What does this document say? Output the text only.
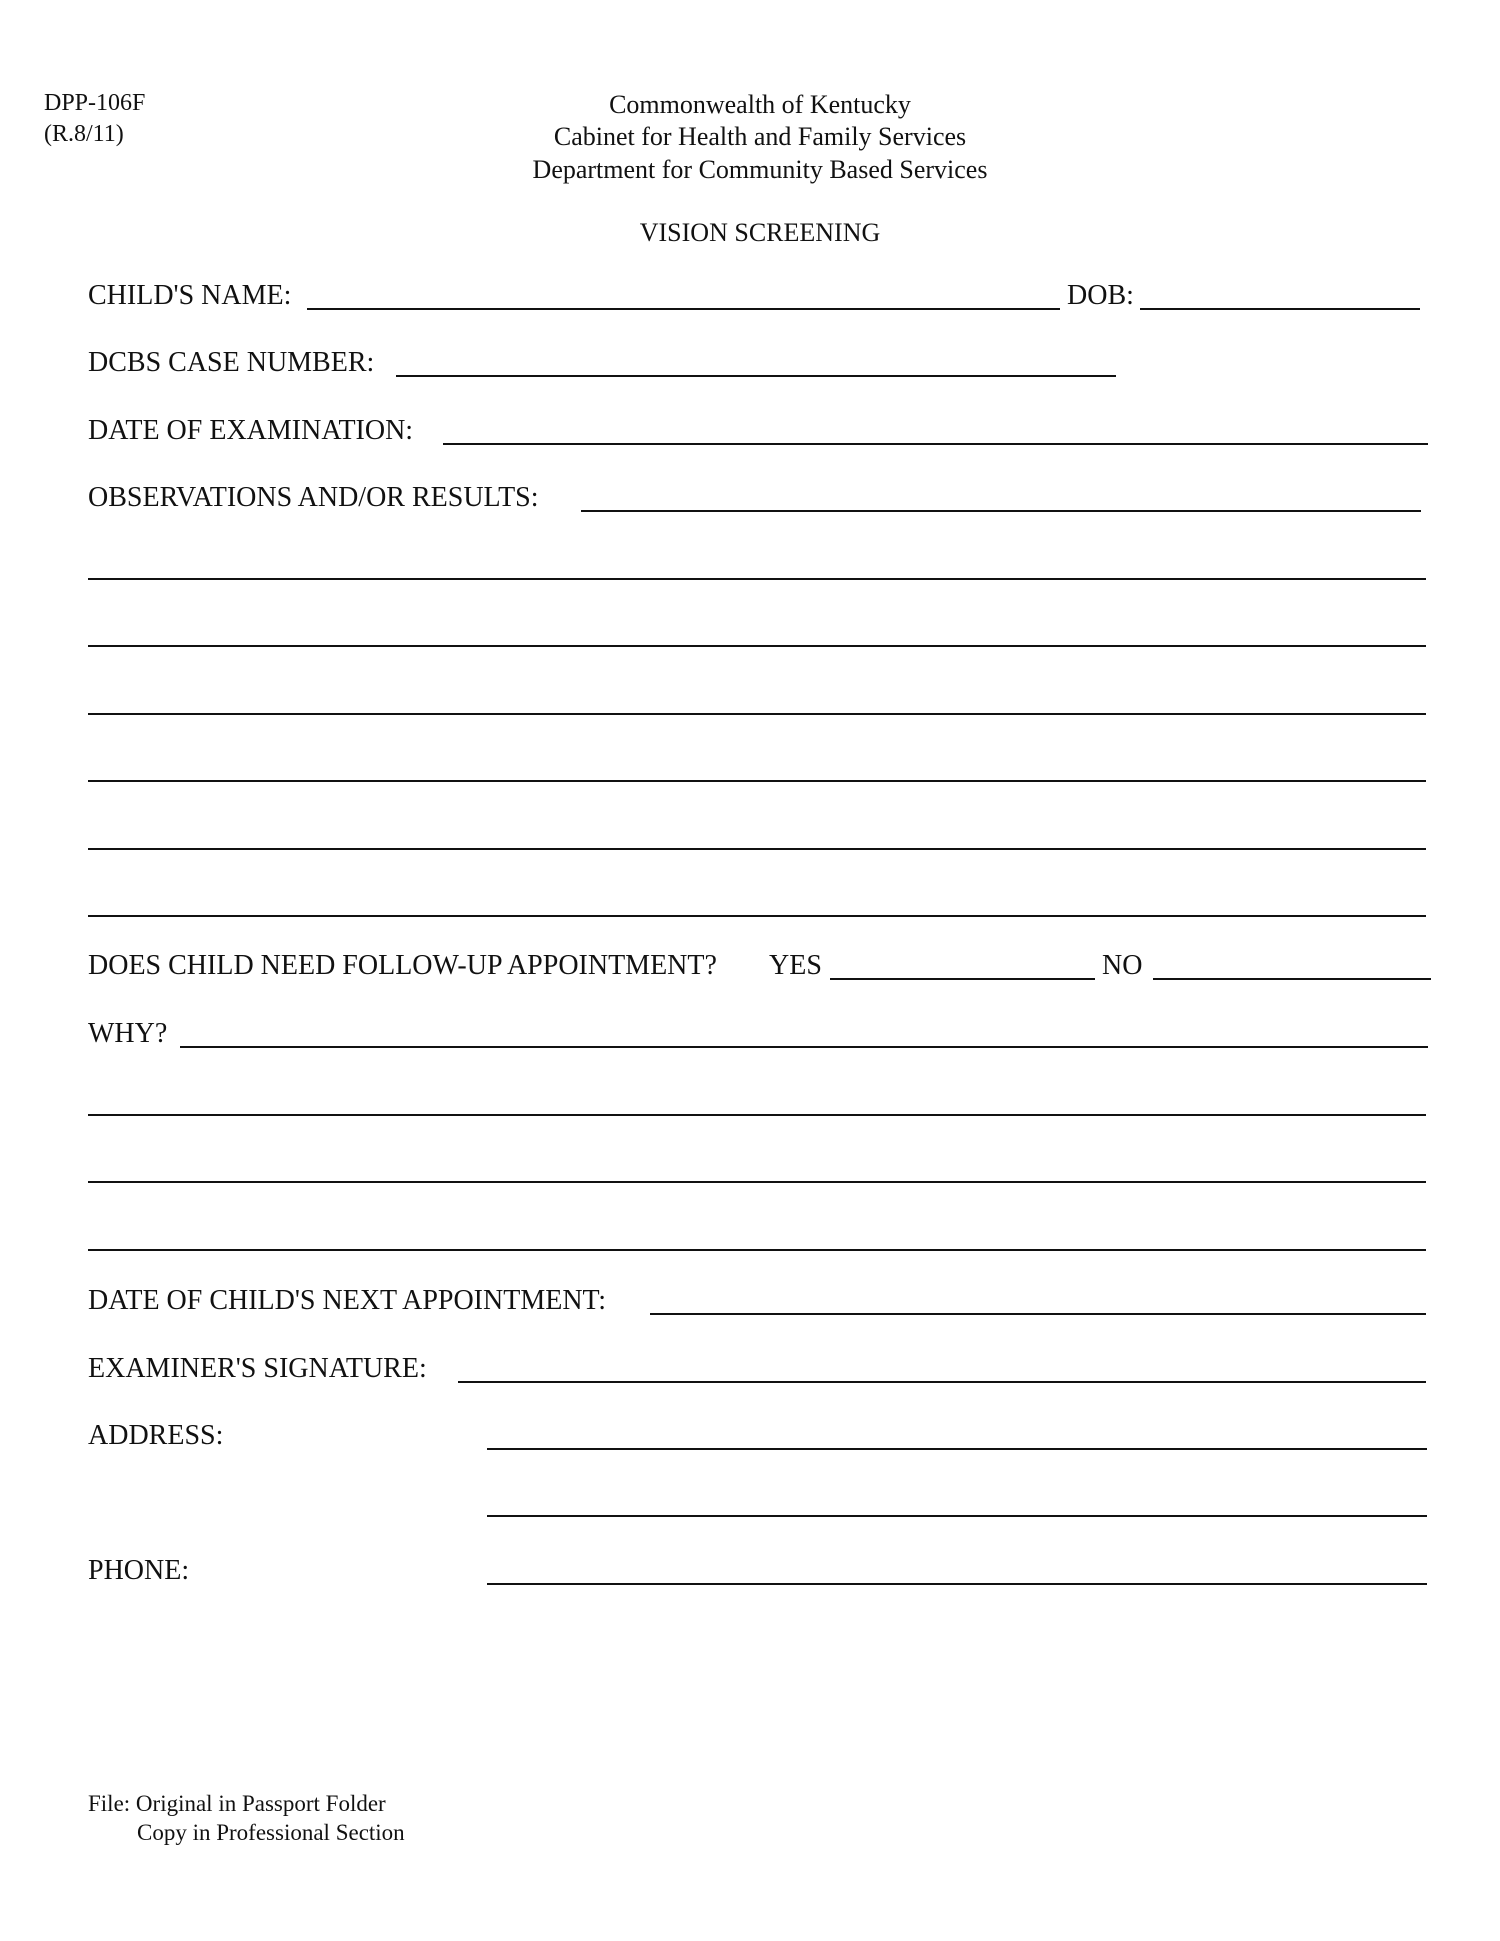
DPP-106F
(R.8/11)
Commonwealth of Kentucky
Cabinet for Health and Family Services
Department for Community Based Services
VISION SCREENING
CHILD'S NAME:	DOB:
DCBS CASE NUMBER:
DATE OF EXAMINATION:
OBSERVATIONS AND/OR RESULTS:
DOES CHILD NEED FOLLOW-UP APPOINTMENT? YES	NO
WHY?
DATE OF CHILD'S NEXT APPOINTMENT:
EXAMINER'S SIGNATURE:
ADDRESS:
PHONE:
File: Original in Passport Folder
Copy in Professional Section
